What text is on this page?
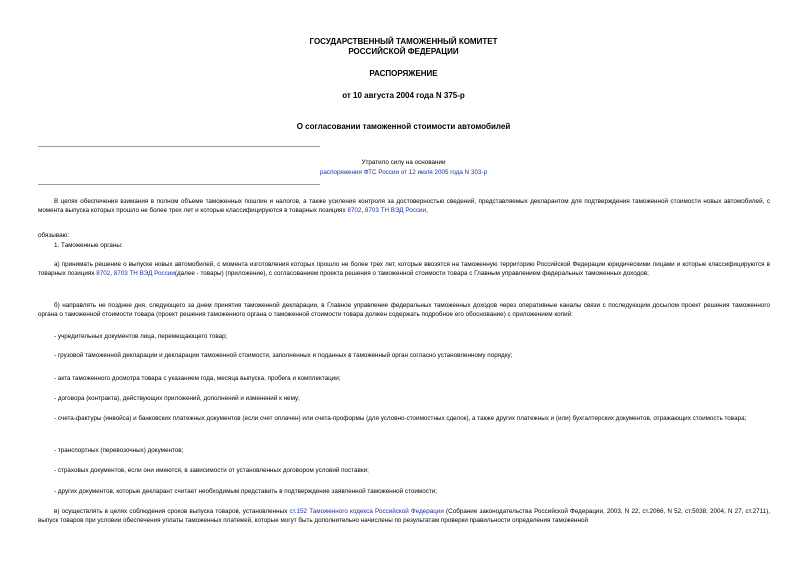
ГОСУДАРСТВЕННЫЙ ТАМОЖЕННЫЙ КОМИТЕТ
РОССИЙСКОЙ ФЕДЕРАЦИИ
РАСПОРЯЖЕНИЕ
от 10 августа 2004 года N 375-р
О согласовании таможенной стоимости автомобилей
Утратило силу на основании
распоряжения ФТС России от 12 июля 2005 года N 303-р
В целях обеспечения взимания в полном объеме таможенных пошлин и налогов, а также усиления контроля за достоверностью сведений, представляемых декларантом для подтверждения таможенной стоимости новых автомобилей, с момента выпуска которых прошло не более трех лет и которые классифицируются в товарных позициях 8702, 8703 ТН ВЭД России,
обязываю:
1. Таможенные органы:
а) принимать решение о выпуске новых автомобилей, с момента изготовления которых прошло не более трех лет, которые ввозятся на таможенную территорию Российской Федерации юридическими лицами и которые классифицируются в товарных позициях 8702, 8703 ТН ВЭД России(далее - товары) (приложение), с согласованием проекта решения о таможенной стоимости товара с Главным управлением федеральных таможенных доходов;
б) направлять не позднее дня, следующего за днем принятия таможенной декларации, в Главное управление федеральных таможенных доходов через оперативные каналы связи с последующим досылом проект решения таможенного органа о таможенной стоимости товара (проект решения таможенного органа о таможенной стоимости товара должен содержать подробное его обоснование) с приложением копий:
- учредительных документов лица, перемещающего товар;
- грузовой таможенной декларации и декларации таможенной стоимости, заполненных и поданных в таможенный орган согласно установленному порядку;
- акта таможенного досмотра товара с указанием года, месяца выпуска, пробега и комплектации;
- договора (контракта), действующих приложений, дополнений и изменений к нему;
- счета-фактуры (инвойса) и банковских платежных документов (если счет оплачен) или счета-проформы (для условно-стоимостных сделок), а также других платежных и (или) бухгалтерских документов, отражающих стоимость товара;
- транспортных (перевозочных) документов;
- страховых документов, если они имеются, в зависимости от установленных договором условий поставки;
- других документов, которые декларант считает необходимым представить в подтверждение заявленной таможенной стоимости;
в) осуществлять в целях соблюдения сроков выпуска товаров, установленных ст.152 Таможенного кодекса Российской Федерации (Собрание законодательства Российской Федерации, 2003, N 22, ст.2066, N 52, ст.5038; 2004, N 27, ст.2711), выпуск товаров при условии обеспечения уплаты таможенных платежей, которые могут быть дополнительно начислены по результатам проверки правильности определения таможенной
